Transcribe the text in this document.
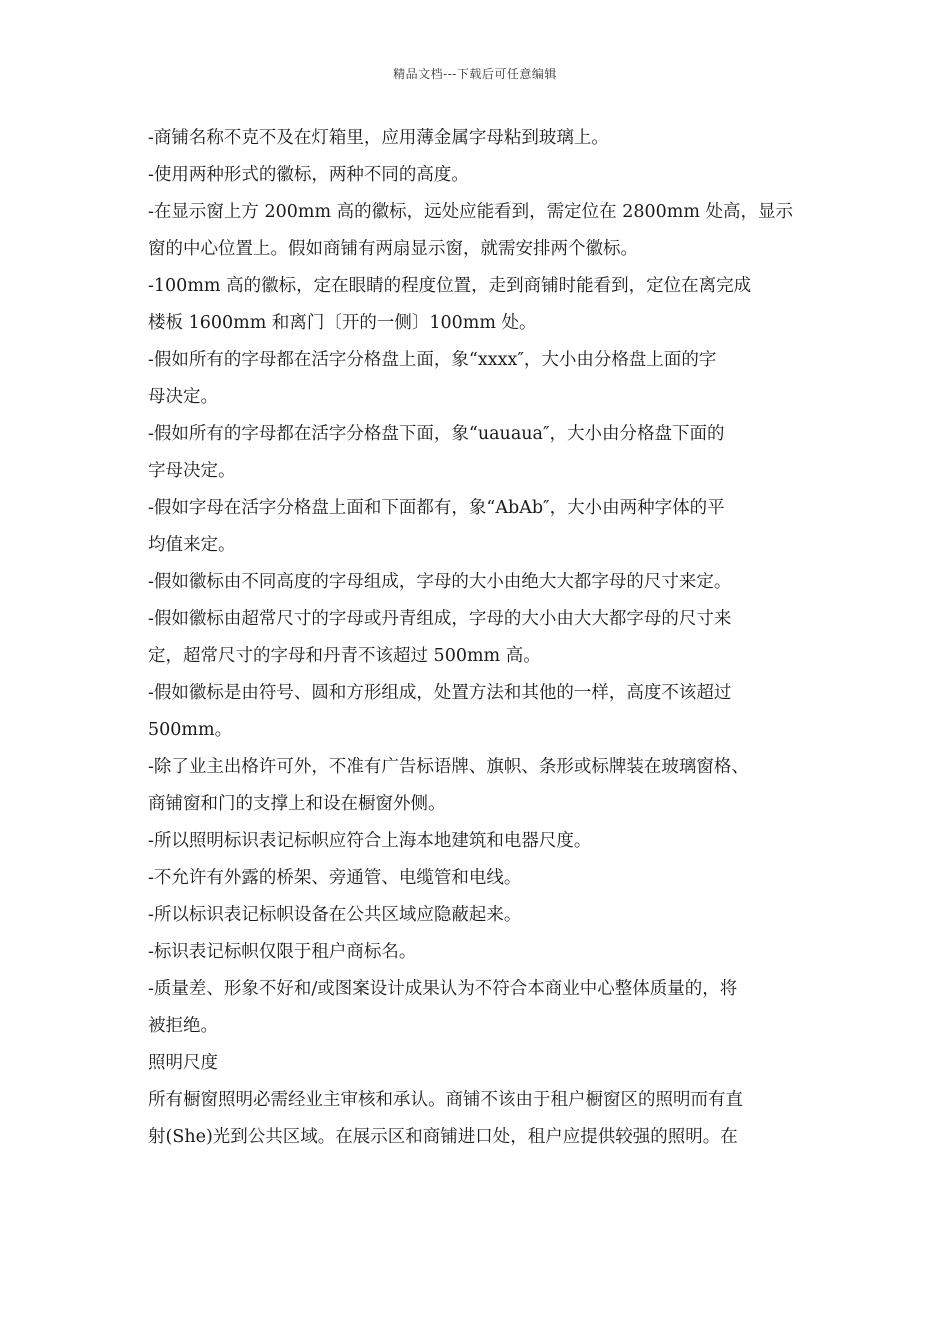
精品文档---下载后可任意编辑
-商铺名称不克不及在灯箱里，应用薄金属字母粘到玻璃上。
-使用两种形式的徽标，两种不同的高度。
-在显示窗上方 200mm 高的徽标，远处应能看到，需定位在 2800mm 处高，显示
窗的中心位置上。假如商铺有两扇显示窗，就需安排两个徽标。
-100mm 高的徽标，定在眼睛的程度位置，走到商铺时能看到，定位在离完成
楼板 1600mm 和离门〔开的一侧〕100mm 处。
-假如所有的字母都在活字分格盘上面，象“xxxx″，大小由分格盘上面的字
母决定。
-假如所有的字母都在活字分格盘下面，象“uauaua″，大小由分格盘下面的
字母决定。
-假如字母在活字分格盘上面和下面都有，象“AbAb″，大小由两种字体的平
均值来定。
-假如徽标由不同高度的字母组成，字母的大小由绝大大都字母的尺寸来定。
-假如徽标由超常尺寸的字母或丹青组成，字母的大小由大大都字母的尺寸来
定，超常尺寸的字母和丹青不该超过 500mm 高。
-假如徽标是由符号、圆和方形组成，处置方法和其他的一样，高度不该超过
500mm。
-除了业主出格许可外，不准有广告标语牌、旗帜、条形或标牌装在玻璃窗格、
商铺窗和门的支撑上和设在橱窗外侧。
-所以照明标识表记标帜应符合上海本地建筑和电器尺度。
-不允许有外露的桥架、旁通管、电缆管和电线。
-所以标识表记标帜设备在公共区域应隐蔽起来。
-标识表记标帜仅限于租户商标名。
-质量差、形象不好和/或图案设计成果认为不符合本商业中心整体质量的，将
被拒绝。
照明尺度
所有橱窗照明必需经业主审核和承认。商铺不该由于租户橱窗区的照明而有直
射(She)光到公共区域。在展示区和商铺进口处，租户应提供较强的照明。在
